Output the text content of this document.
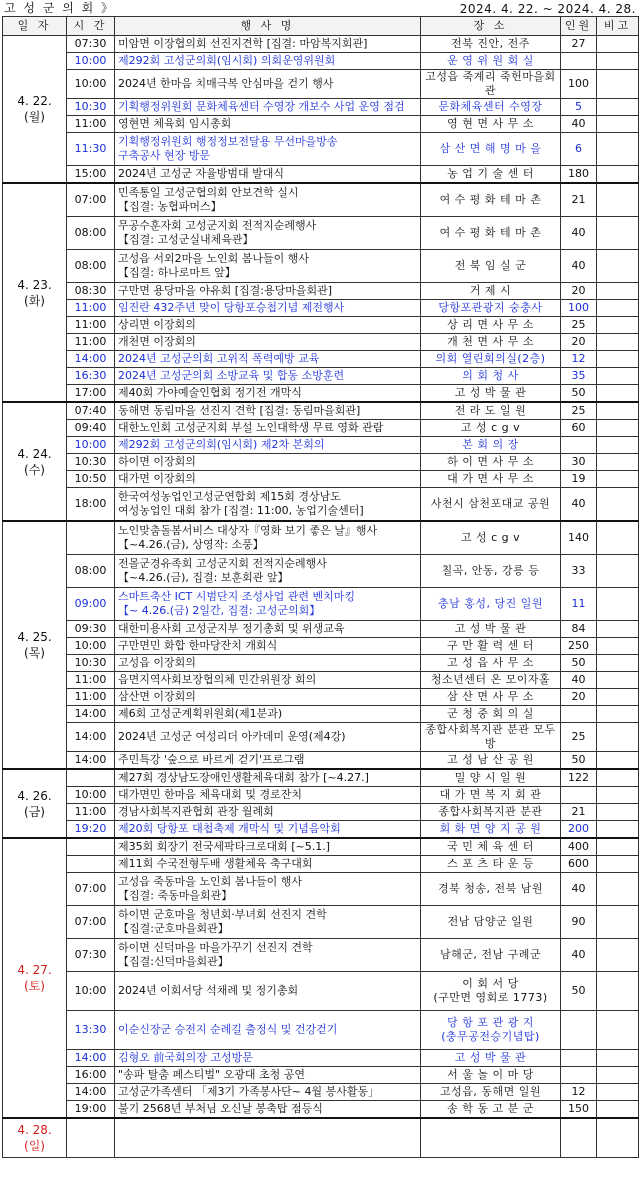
고 성 군 의 회 》	2024. 4. 22. ~ 2024. 4. 28.
일 자	시 간	행 사 명	장 소	인원	비고
4. 22.
(월)	07:30	미암면 이장협의회 선진지견학 [집결: 마암복지회관]	전북 진안, 전주	27	
	10:00	제292회 고성군의회(임시회) 의회운영위원회	운 영 위 원 회 실		
	10:00	2024년 한마음 치매극복 안심마을 걷기 행사	고성읍 죽계리 죽헌마을회관	100	
	10:30	기획행정위원회 문화체육센터 수영장 개보수 사업 운영 점검	문화체육센터 수영장	5	
	11:00	영현면 체육회 임시총회	영 현 면 사 무 소	40	
	11:30	기획행정위원회 행정정보전달용 무선마을방송
구축공사 현장 방문	삼 산 면 해 명 마 을	6	
	15:00	2024년 고성군 자율방범대 발대식	농 업 기 술 센 터	180	
4. 23.
(화)	07:00	민족통일 고성군협의회 안보견학 실시
【집결: 농협파머스】	여 수 평 화 테 마 촌	21	
	08:00	무공수훈자회 고성군지회 전적지순례행사
【집결: 고성군실내체육관】	여 수 평 화 테 마 촌	40	
	08:00	고성읍 서외2마을 노인회 봄나들이 행사
【집결: 하나로마트 앞】	전 북 임 실 군	40	
	08:30	구만면 용당마을 야유회 [집결:용당마을회관]	거 제 시	20	
	11:00	임진란 432주년 맞이 당항포승첩기념 제전행사	당항포관광지 숭충사	100	
	11:00	상리면 이장회의	상 리 면 사 무 소	25	
	11:00	개천면 이장회의	개 천 면 사 무 소	20	
	14:00	2024년 고성군의회 고위직 폭력예방 교육	의회 열린회의실(2층)	12	
	16:30	2024년 고성군의회 소방교육 및 합동 소방훈련	의 회 청 사	35	
	17:00	제40회 가야예술인협회 정기전 개막식	고 성 박 물 관	50	
4. 24.
(수)	07:40	동해면 동림마을 선진지 견학 [집결: 동림마을회관]	전 라 도 일 원	25	
	09:40	대한노인회 고성군지회 부설 노인대학생 무료 영화 관람	고 성 c g v	60	
	10:00	제292회 고성군의회(임시회) 제2차 본회의	본 회 의 장		
	10:30	하이면 이장회의	하 이 면 사 무 소	30	
	10:50	대가면 이장회의	대 가 면 사 무 소	19	
	18:00	한국여성농업인고성군연합회 제15회 경상남도
여성농업인 대회 참가 [집결: 11:00, 농업기술센터]	사천시 삼천포대교 공원	40	
4. 25.
(목)		노인맞춤돌봄서비스 대상자『영화 보기 좋은 날』행사
【~4.26.(금), 상영작: 소풍】	고 성 c g v	140	
	08:00	전몰군경유족회 고성군지회 전적지순례행사
【~4.26.(금), 집결: 보훈회관 앞】	칠곡, 안동, 강릉 등	33	
	09:00	스마트축산 ICT 시범단지 조성사업 관련 벤치마킹
【~ 4.26.(금) 2일간, 집결: 고성군의회】	충남 홍성, 당진 일원	11	
	09:30	대한미용사회 고성군지부 정기총회 및 위생교육	고 성 박 물 관	84	
	10:00	구만면민 화합 한마당잔치 개회식	구 만 활 력 센 터	250	
	10:30	고성읍 이장회의	고 성 읍 사 무 소	50	
	11:00	읍면지역사회보장협의체 민간위원장 회의	청소년센터 온 모이자홀	40	
	11:00	삼산면 이장회의	삼 산 면 사 무 소	20	
	14:00	제6회 고성군계획위원회(제1분과)	군 청 중 회 의 실		
	14:00	2024년 고성군 여성리더 아카데미 운영(제4강)	종합사회복지관 분관 모두방	25	
	14:00	주민특강 '숲으로 바르게 걷기'프로그램	고 성 남 산 공 원	50	
4. 26.
(금)		제27회 경상남도장애인생활체육대회 참가 [~4.27.]	밀 양 시 일 원	122	
	10:00	대가면민 한마음 체육대회 및 경로잔치	대 가 면 복 지 회 관		
	11:00	경남사회복지관협회 관장 월례회	종합사회복지관 분관	21	
	19:20	제20회 당항포 대첩축제 개막식 및 기념음악회	회 화 면 양 지 공 원	200	
4. 27.
(토)		제35회 회장기 전국세팍타크로대회 [~5.1.]	국 민 체 육 센 터	400	
		제11회 수국전형두배 생활체육 축구대회	스 포 츠 타 운 등	600	
	07:00	고성읍 죽동마을 노인회 봄나들이 행사
【집결: 죽동마을회관】	경북 청송, 전북 남원	40	
	07:00	하이면 군호마을 청년회·부녀회 선진지 견학
【집결:군호마을회관】	전남 담양군 일원	90	
	07:30	하이면 신덕마을 마을가꾸기 선진지 견학
【집결:신덕마을회관】	남해군, 전남 구례군	40	
	10:00	2024년 이회서당 석채례 및 정기총회	이 회 서 당
(구만면 영회로 1773)	50	
	13:30	이순신장군 승전지 순례길 출정식 및 건강걷기	당 항 포 관 광 지
(충무공전승기념탑)		
	14:00	김형오 前국회의장 고성방문	고 성 박 물 관		
	16:00	"송파 탈춤 페스티벌" 오광대 초청 공연	서 울 놀 이 마 당		
	14:00	고성군가족센터 「제3기 가족봉사단~ 4월 봉사활동」	고성읍, 동해면 일원	12	
	19:00	불기 2568년 부처님 오신날 봉축탑 점등식	송 학 동 고 분 군	150	
4. 28.
(일)					
